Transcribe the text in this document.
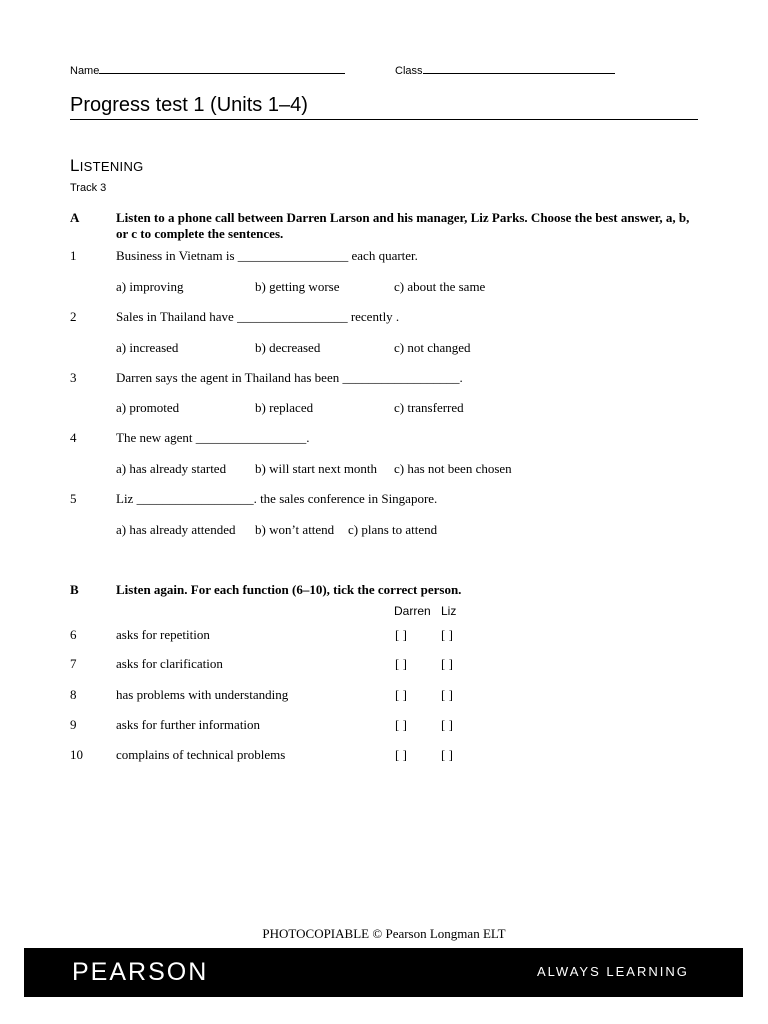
Name	Class
Progress test 1 (Units 1–4)
LISTENING
Track 3
A	Listen to a phone call between Darren Larson and his manager, Liz Parks. Choose the best answer, a, b, or c to complete the sentences.
1	Business in Vietnam is _________________ each quarter.
a) improving	b) getting worse	c) about the same
2	Sales in Thailand have _________________ recently .
a) increased	b) decreased	c) not changed
3	Darren says the agent in Thailand has been __________________.
a) promoted	b) replaced	c) transferred
4	The new agent _________________.
a) has already started b) will start next month c) has not been chosen
5	Liz __________________. the sales conference in Singapore.
a) has already attended b) won’t attend c) plans to attend
B	Listen again. For each function (6–10), tick the correct person.
Darren Liz
6	asks for repetition	[ ]	[ ]
7	asks for clarification	[ ]	[ ]
8	has problems with understanding	[ ]	[ ]
9	asks for further information	[ ]	[ ]
10	complains of technical problems	[ ]	[ ]
PHOTOCOPIABLE © Pearson Longman ELT
PEARSON	ALWAYS LEARNING
